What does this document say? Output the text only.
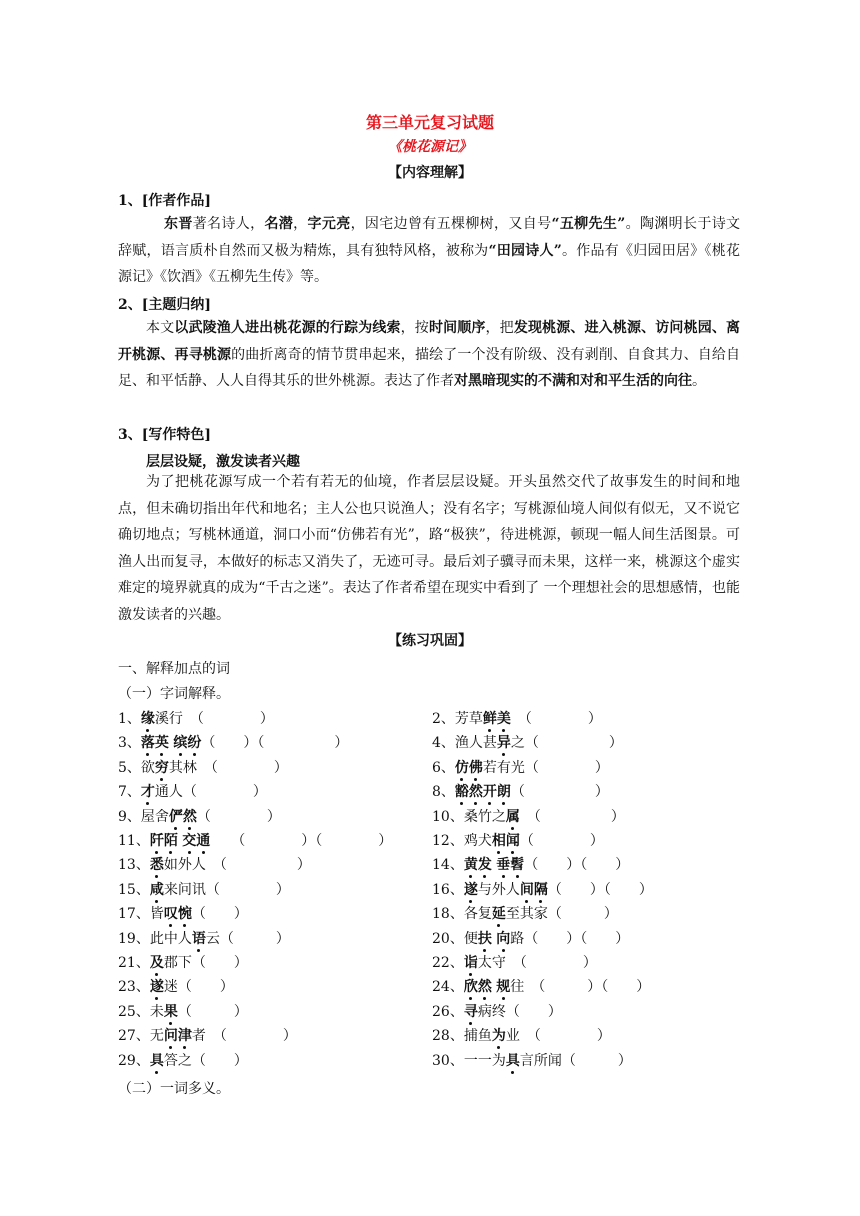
第三单元复习试题
《桃花源记》
【内容理解】
1、[作者作品]
东晋著名诗人，名潜，字元亮，因宅边曾有五棵柳树，又自号“五柳先生”。陶渊明长于诗文辞赋，语言质朴自然而又极为精炼，具有独特风格，被称为“田园诗人”。作品有《归园田居》《桃花源记》《饮酒》《五柳先生传》等。
2、[主题归纳]
本文以武陵渔人进出桃花源的行踪为线索，按时间顺序，把发现桃源、进入桃源、访问桃园、离开桃源、再寻桃源的曲折离奇的情节贯串起来，描绘了一个没有阶级、没有剥削、自食其力、自给自足、和平恬静、人人自得其乐的世外桃源。表达了作者对黑暗现实的不满和对和平生活的向往。
3、[写作特色]
层层设疑，激发读者兴趣
为了把桃花源写成一个若有若无的仙境，作者层层设疑。开头虽然交代了故事发生的时间和地点，但未确切指出年代和地名；主人公也只说渔人；没有名字；写桃源仙境人间似有似无，又不说它确切地点；写桃林通道，洞口小而“仿佛若有光”，路“极狭”，待进桃源，顿现一幅人间生活图景。可渔人出而复寻，本做好的标志又消失了，无迹可寻。最后刘子骥寻而未果，这样一来，桃源这个虚实难定的境界就真的成为“千古之迷”。表达了作者希望在现实中看到了 一个理想社会的思想感情，也能激发读者的兴趣。
【练习巩固】
一、解释加点的词
（一）字词解释。
1、缘溪行　（　　　　）	2、芳草鲜美　（　　　　）
3、落英 缤纷（　　）（　　　　　）	4、渔人甚异之（　　　　　）
5、欲穷其林　（　　　　）	6、仿佛若有光（　　　　）
7、才通人（　　　　）	8、豁然开朗（　　　　　）
9、屋舍俨然（　　　　）	10、桑竹之属　（　　　　　）
11、阡陌 交通　　（　　　　）（　　　　）	12、鸡犬相闻（　　　　）
13、悉如外人　（　　　　　）	14、黄发 垂髫（　　）（　　）
15、咸来问讯（　　　　）	16、遂与外人间隔（　　）（　　）
17、皆叹惋（　　）	18、各复延至其家（　　　）
19、此中人语云（　　　）	20、便扶 向路（　　）（　　）
21、及郡下（　　）	22、诣太守　（　　　　）
23、遂迷（　　）	24、欣然 规往　（　　　）（　　）
25、未果（　　　）	26、寻病终（　　）
27、无问津者　（　　　　）	28、捕鱼为业　（　　　　）
29、具答之（　　）	30、一一为具言所闻（　　　）
（二）一词多义。
